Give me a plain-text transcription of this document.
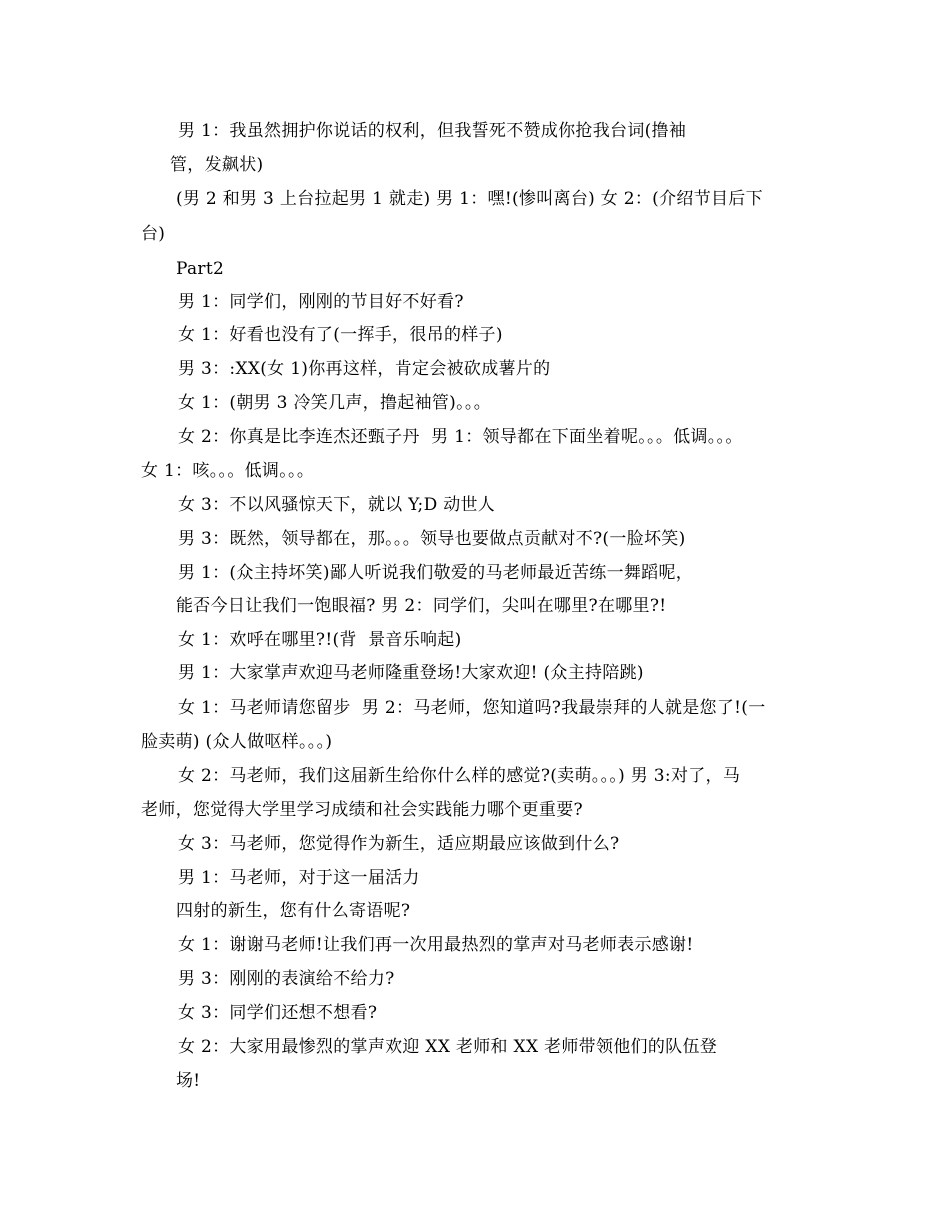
男 1：我虽然拥护你说话的权利，但我誓死不赞成你抢我台词(撸袖
管，发飙状)
(男 2 和男 3 上台拉起男 1 就走) 男 1：嘿!(惨叫离台) 女 2：(介绍节目后下
台)
Part2
男 1：同学们，刚刚的节目好不好看?
女 1：好看也没有了(一挥手，很吊的样子)
男 3：:XX(女 1)你再这样，肯定会被砍成薯片的
女 1：(朝男 3 冷笑几声，撸起袖管)。。。
女 2：你真是比李连杰还甄子丹  男 1：领导都在下面坐着呢。。。低调。。。
女 1：咳。。。低调。。。
女 3：不以风骚惊天下，就以 Y;D 动世人
男 3：既然，领导都在，那。。。领导也要做点贡献对不?(一脸坏笑)
男 1：(众主持坏笑)鄙人听说我们敬爱的马老师最近苦练一舞蹈呢，
能否今日让我们一饱眼福? 男 2：同学们，尖叫在哪里?在哪里?!
女 1：欢呼在哪里?!(背  景音乐响起)
男 1：大家掌声欢迎马老师隆重登场!大家欢迎! (众主持陪跳)
女 1：马老师请您留步  男 2：马老师，您知道吗?我最崇拜的人就是您了!(一
脸卖萌) (众人做呕样。。。)
女 2：马老师，我们这届新生给你什么样的感觉?(卖萌。。。) 男 3:对了，马
老师，您觉得大学里学习成绩和社会实践能力哪个更重要?
女 3：马老师，您觉得作为新生，适应期最应该做到什么?
男 1：马老师，对于这一届活力
四射的新生，您有什么寄语呢?
女 1：谢谢马老师!让我们再一次用最热烈的掌声对马老师表示感谢!
男 3：刚刚的表演给不给力?
女 3：同学们还想不想看?
女 2：大家用最惨烈的掌声欢迎 XX 老师和 XX 老师带领他们的队伍登
场!
